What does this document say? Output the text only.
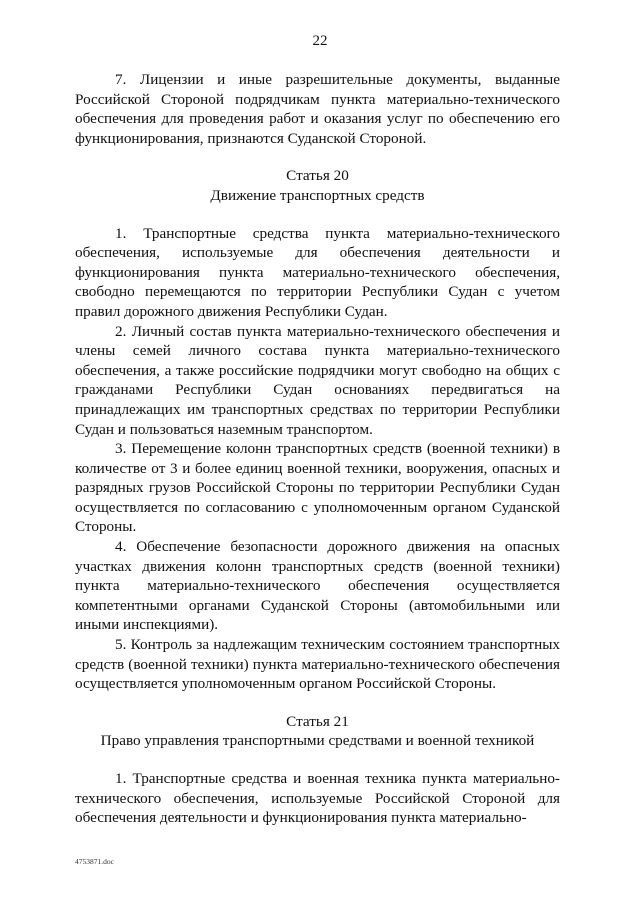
22

7. Лицензии и иные разрешительные документы, выданные Российской Стороной подрядчикам пункта материально-технического обеспечения для проведения работ и оказания услуг по обеспечению его функционирования, признаются Суданской Стороной.

Статья 20

Движение транспортных средств

1. Транспортные средства пункта материально-технического обеспечения, используемые для обеспечения деятельности и функционирования пункта материально-технического обеспечения, свободно перемещаются по территории Республики Судан с учетом правил дорожного движения Республики Судан.

2. Личный состав пункта материально-технического обеспечения и члены семей личного состава пункта материально-технического обеспечения, а также российские подрядчики могут свободно на общих с гражданами Республики Судан основаниях передвигаться на принадлежащих им транспортных средствах по территории Республики Судан и пользоваться наземным транспортом.

3. Перемещение колонн транспортных средств (военной техники) в количестве от 3 и более единиц военной техники, вооружения, опасных и разрядных грузов Российской Стороны по территории Республики Судан осуществляется по согласованию с уполномоченным органом Суданской Стороны.

4. Обеспечение безопасности дорожного движения на опасных участках движения колонн транспортных средств (военной техники) пункта материально-технического обеспечения осуществляется компетентными органами Суданской Стороны (автомобильными или иными инспекциями).

5. Контроль за надлежащим техническим состоянием транспортных средств (военной техники) пункта материально-технического обеспечения осуществляется уполномоченным органом Российской Стороны.

Статья 21

Право управления транспортными средствами и военной техникой

1. Транспортные средства и военная техника пункта материально-технического обеспечения, используемые Российской Стороной для обеспечения деятельности и функционирования пункта материально-

4753871.doc
